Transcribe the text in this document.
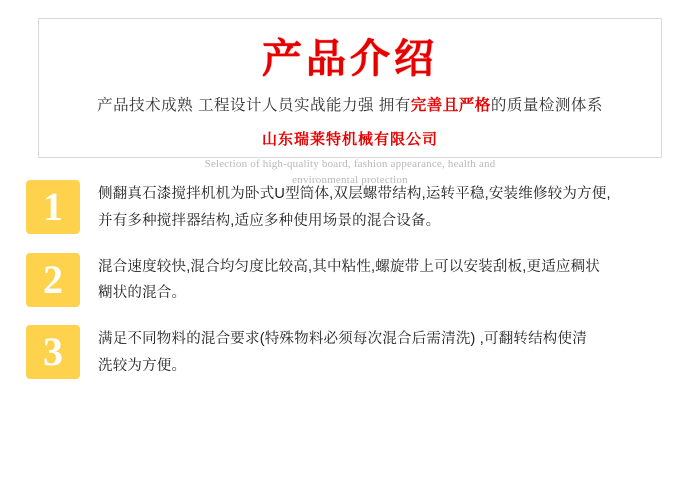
产品介绍
产品技术成熟 工程设计人员实战能力强 拥有完善且严格的质量检测体系
山东瑞莱特机械有限公司
Selection of high-quality board, fashion appearance, health and
environmental protection
1	侧翻真石漆搅拌机机为卧式U型筒体,双层螺带结构,运转平稳,安装维修较为方便,
并有多种搅拌器结构,适应多种使用场景的混合设备。
2	混合速度较快,混合均匀度比较高,其中粘性,螺旋带上可以安装刮板,更适应稠状
糊状的混合。
3	满足不同物料的混合要求(特殊物料必须每次混合后需清洗) ,可翻转结构使清
洗较为方便。
